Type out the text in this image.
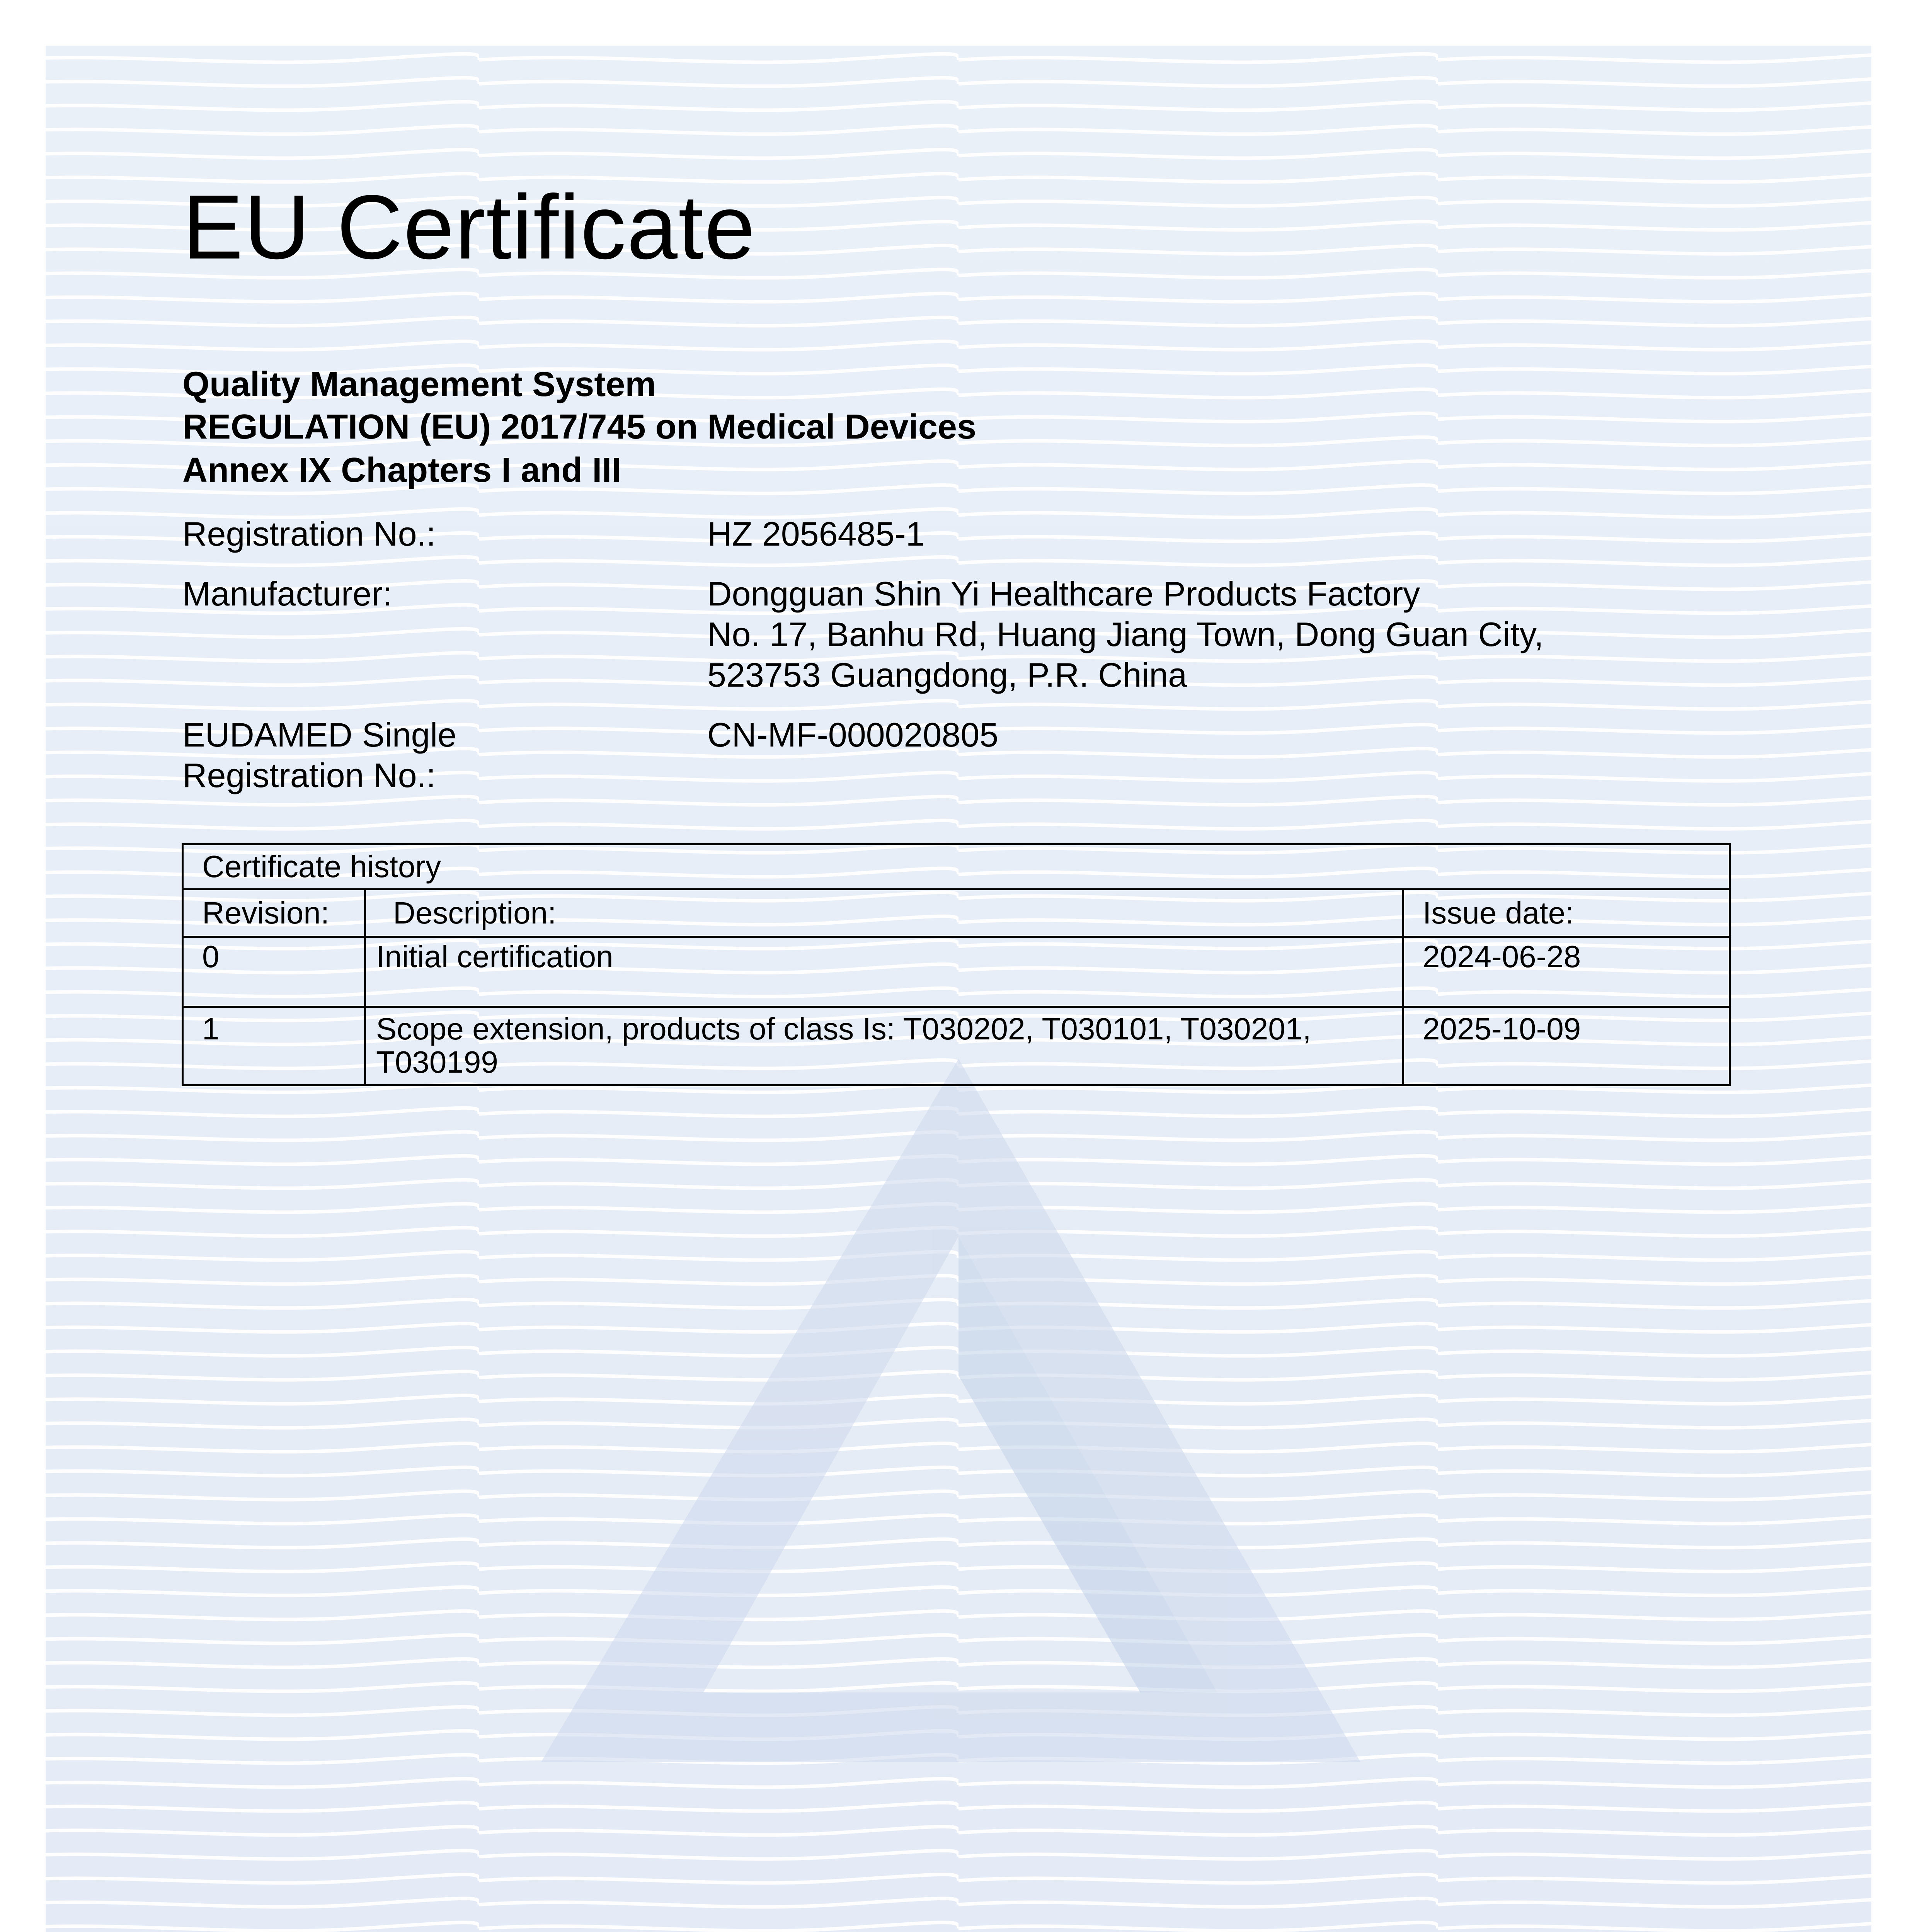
EU Certificate
Quality Management System
REGULATION (EU) 2017/745 on Medical Devices
Annex IX Chapters I and III
Registration No.:	HZ 2056485-1
Manufacturer:	Dongguan Shin Yi Healthcare Products Factory
No. 17, Banhu Rd, Huang Jiang Town, Dong Guan City,
523753 Guangdong, P.R. China
EUDAMED Single
Registration No.:
CN-MF-000020805
Certificate history		
Revision:	Description:	Issue date:
0	Initial certification	2024-06-28
1	Scope extension, products of class Is: T030202, T030101, T030201, T030199	2025-10-09
